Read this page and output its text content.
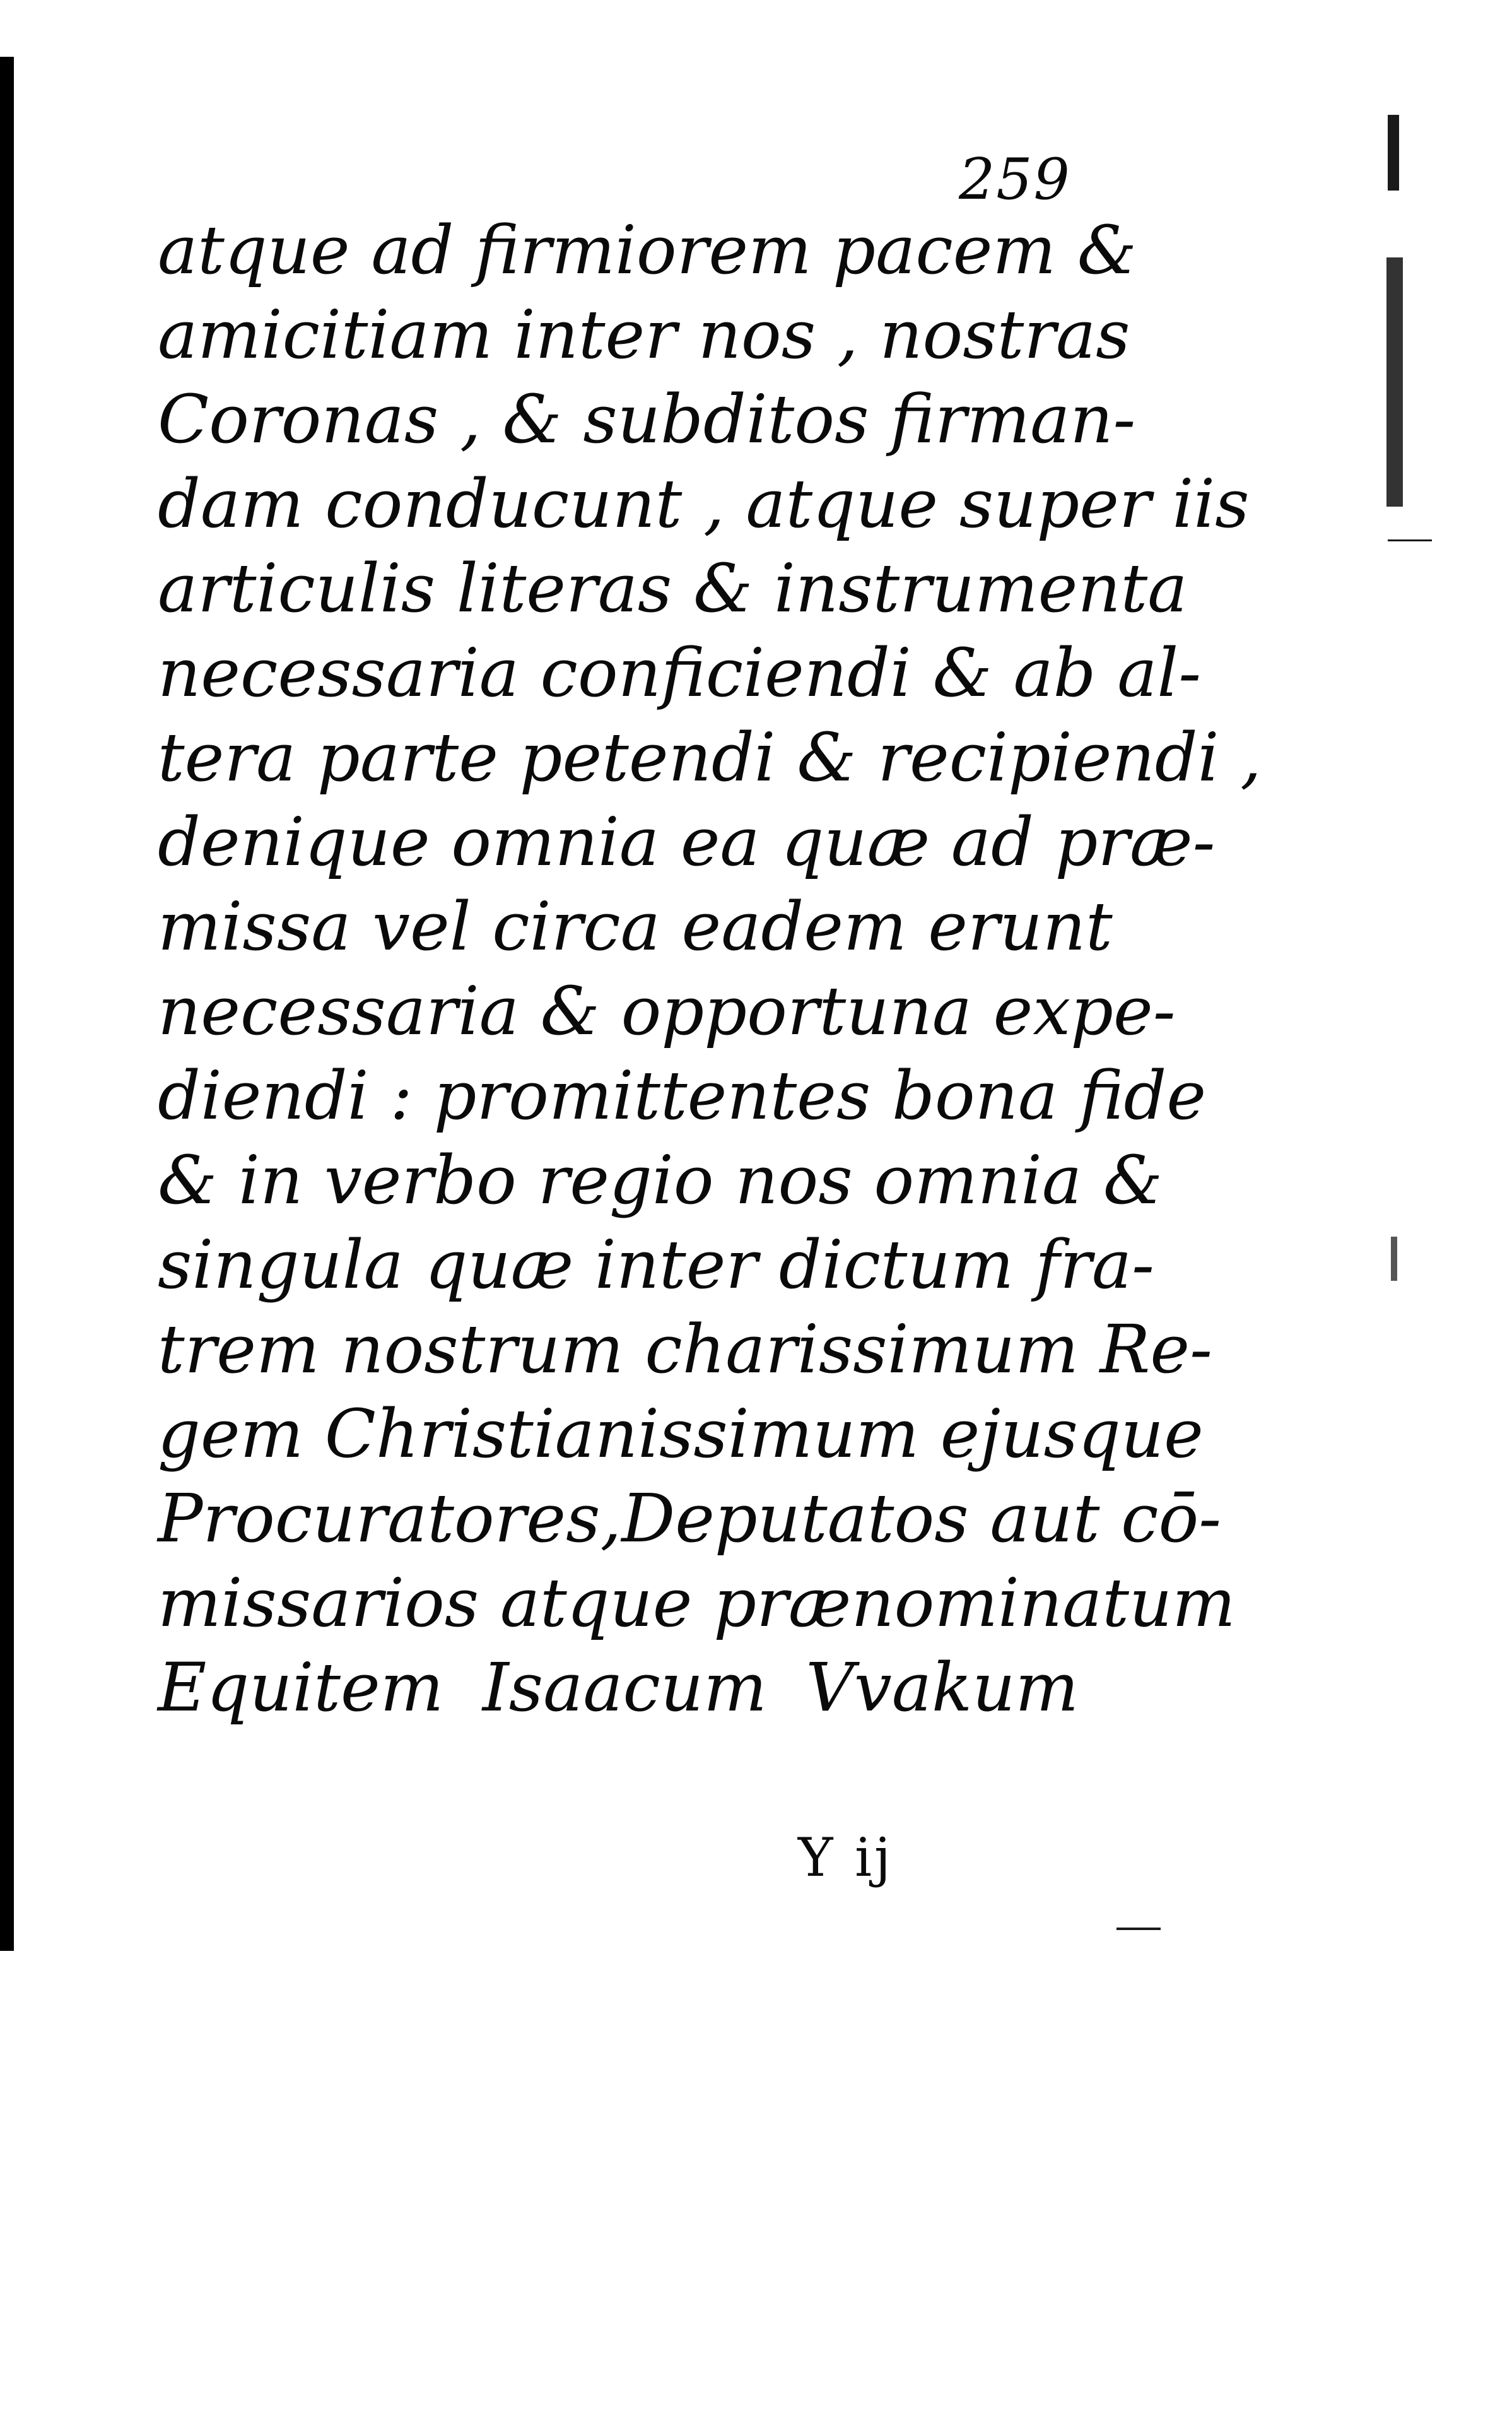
259
atque ad firmiorem pacem &
amicitiam inter nos , nostras
Coronas , & subditos firman-
dam conducunt , atque super iis
articulis literas & instrumenta
necessaria conficiendi & ab al-
tera parte petendi & recipiendi ,
denique omnia ea quæ ad præ-
missa vel circa eadem erunt
necessaria & opportuna expe-
diendi : promittentes bona fide
& in verbo regio nos omnia &
singula quæ inter dictum fra-
trem nostrum charissimum Re-
gem Christianissimum ejusque
Procuratores,Deputatos aut cō-
missarios atque prænominatum
Equitem Isaacum Vvakum
Y ij
